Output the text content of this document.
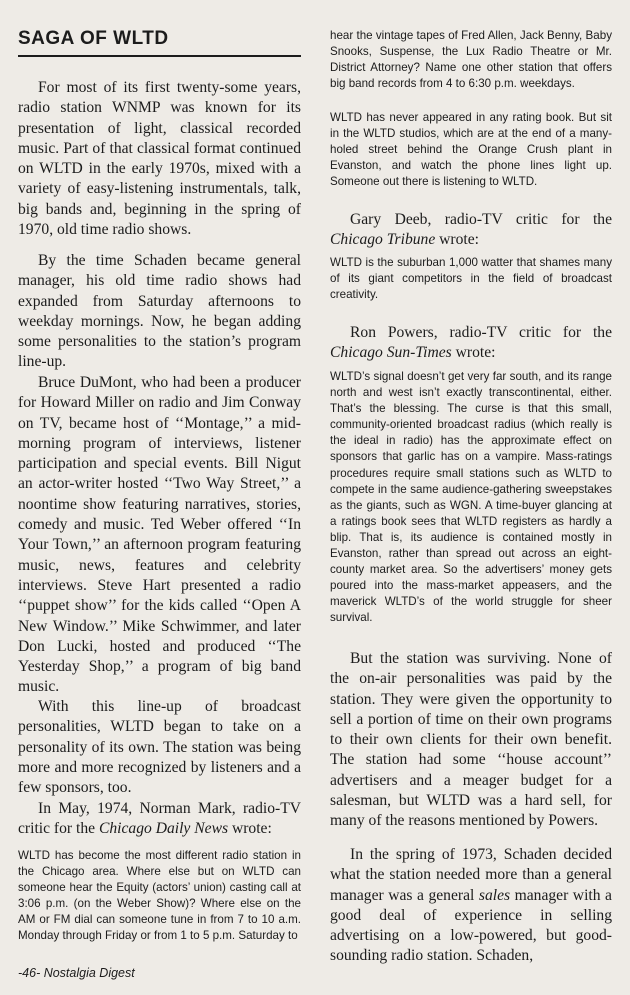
SAGA OF WLTD

For most of its first twenty-some years, radio station WNMP was known for its presentation of light, classical recorded music. Part of that classical format continued on WLTD in the early 1970s, mixed with a variety of easy-listening instrumentals, talk, big bands and, beginning in the spring of 1970, old time radio shows.

By the time Schaden became general manager, his old time radio shows had expanded from Saturday afternoons to weekday mornings. Now, he began adding some personalities to the station’s program line-up.

Bruce DuMont, who had been a producer for Howard Miller on radio and Jim Conway on TV, became host of ‘‘Montage,’’ a mid-morning program of interviews, listener participation and special events. Bill Nigut an actor-writer hosted ‘‘Two Way Street,’’ a noontime show featuring narratives, stories, comedy and music. Ted Weber offered ‘‘In Your Town,’’ an afternoon program featuring music, news, features and celebrity interviews. Steve Hart presented a radio ‘‘puppet show’’ for the kids called ‘‘Open A New Window.’’ Mike Schwimmer, and later Don Lucki, hosted and produced ‘‘The Yesterday Shop,’’ a program of big band music.

With this line-up of broadcast personalities, WLTD began to take on a personality of its own. The station was being more and more recognized by listeners and a few sponsors, too.

In May, 1974, Norman Mark, radio-TV critic for the Chicago Daily News wrote:

WLTD has become the most different radio station in the Chicago area. Where else but on WLTD can someone hear the Equity (actors’ union) casting call at 3:06 p.m. (on the Weber Show)? Where else on the AM or FM dial can someone tune in from 7 to 10 a.m. Monday through Friday or from 1 to 5 p.m. Saturday to

hear the vintage tapes of Fred Allen, Jack Benny, Baby Snooks, Suspense, the Lux Radio Theatre or Mr. District Attorney? Name one other station that offers big band records from 4 to 6:30 p.m. weekdays.

WLTD has never appeared in any rating book. But sit in the WLTD studios, which are at the end of a many-holed street behind the Orange Crush plant in Evanston, and watch the phone lines light up. Someone out there is listening to WLTD.

Gary Deeb, radio-TV critic for the Chicago Tribune wrote:

WLTD is the suburban 1,000 watter that shames many of its giant competitors in the field of broadcast creativity.

Ron Powers, radio-TV critic for the Chicago Sun-Times wrote:

WLTD’s signal doesn’t get very far south, and its range north and west isn’t exactly transcontinental, either. That’s the blessing. The curse is that this small, community-oriented broadcast radius (which really is the ideal in radio) has the approximate effect on sponsors that garlic has on a vampire. Mass-ratings procedures require small stations such as WLTD to compete in the same audience-gathering sweepstakes as the giants, such as WGN. A time-buyer glancing at a ratings book sees that WLTD registers as hardly a blip. That is, its audience is contained mostly in Evanston, rather than spread out across an eight-county market area. So the advertisers’ money gets poured into the mass-market appeasers, and the maverick WLTD’s of the world struggle for sheer survival.

But the station was surviving. None of the on-air personalities was paid by the station. They were given the opportunity to sell a portion of time on their own programs to their own clients for their own benefit. The station had some ‘‘house account’’ advertisers and a meager budget for a salesman, but WLTD was a hard sell, for many of the reasons mentioned by Powers.

In the spring of 1973, Schaden decided what the station needed more than a general manager was a general sales manager with a good deal of experience in selling advertising on a low-powered, but good-sounding radio station. Schaden,

-46- Nostalgia Digest
